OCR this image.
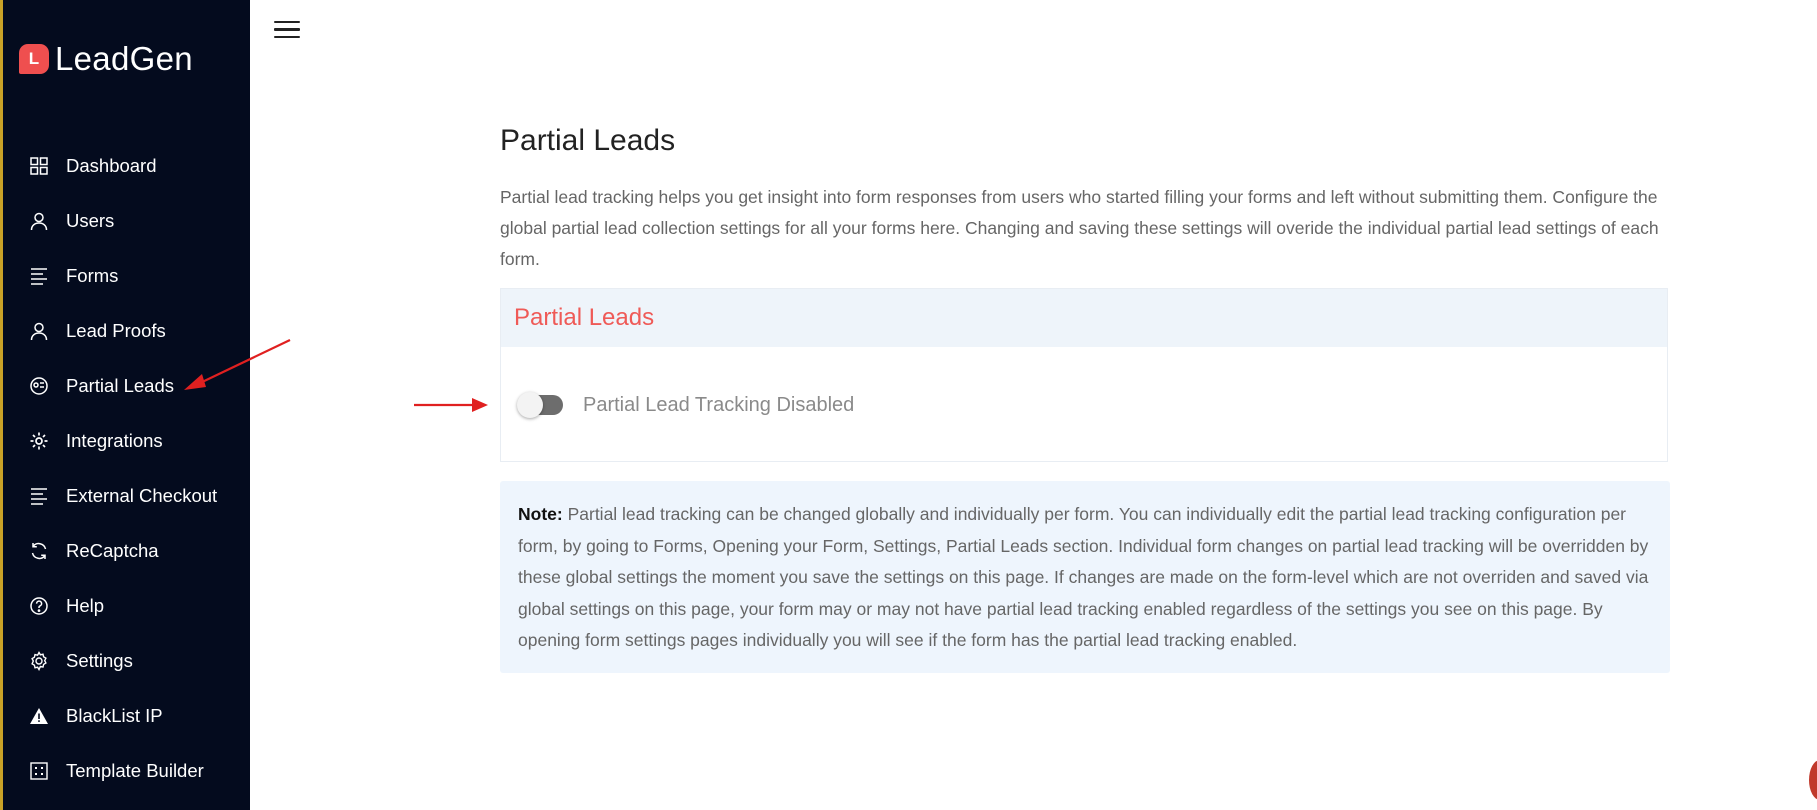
L LeadGen
Dashboard
Users
Forms
Lead Proofs
Partial Leads
Integrations
External Checkout
ReCaptcha
Help
Settings
BlackList IP
Template Builder
Partial Leads

Partial lead tracking helps you get insight into form responses from users who started filling your forms and left without submitting them. Configure the global partial lead collection settings for all your forms here. Changing and saving these settings will overide the individual partial lead settings of each form.

Partial Leads
Partial Lead Tracking Disabled
Note: Partial lead tracking can be changed globally and individually per form. You can individually edit the partial lead tracking configuration per form, by going to Forms, Opening your Form, Settings, Partial Leads section. Individual form changes on partial lead tracking will be overridden by these global settings the moment you save the settings on this page. If changes are made on the form-level which are not overriden and saved via global settings on this page, your form may or may not have partial lead tracking enabled regardless of the settings you see on this page. By opening form settings pages individually you will see if the form has the partial lead tracking enabled.
